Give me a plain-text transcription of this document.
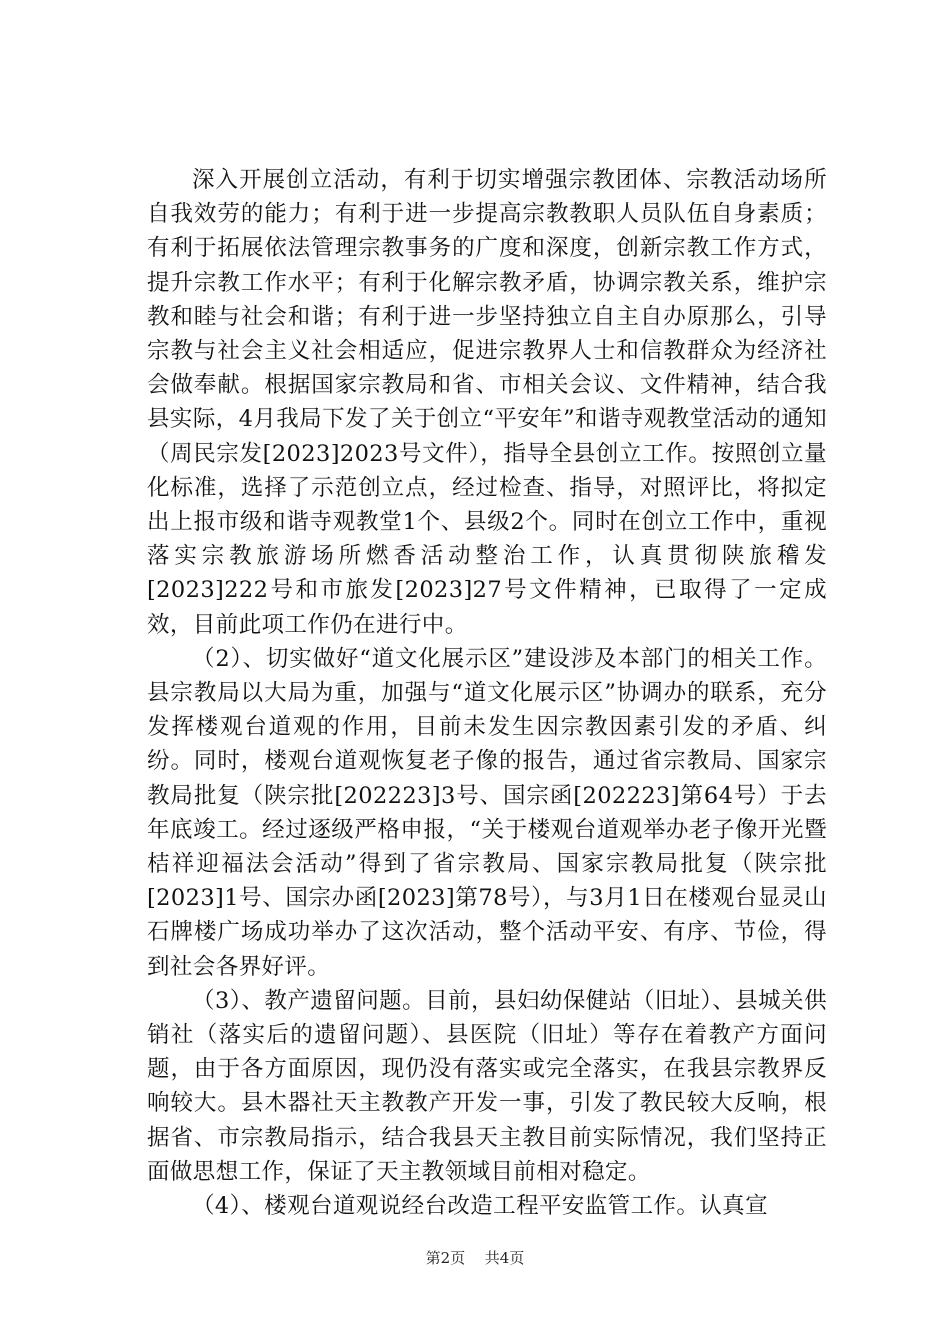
深入开展创立活动，有利于切实增强宗教团体、宗教活动场所自我效劳的能力；有利于进一步提高宗教教职人员队伍自身素质；有利于拓展依法管理宗教事务的广度和深度，创新宗教工作方式，提升宗教工作水平；有利于化解宗教矛盾，协调宗教关系，维护宗教和睦与社会和谐；有利于进一步坚持独立自主自办原那么，引导宗教与社会主义社会相适应，促进宗教界人士和信教群众为经济社会做奉献。根据国家宗教局和省、市相关会议、文件精神，结合我县实际，4月我局下发了关于创立“平安年”和谐寺观教堂活动的通知（周民宗发[2023]2023号文件），指导全县创立工作。按照创立量化标准，选择了示范创立点，经过检查、指导，对照评比，将拟定出上报市级和谐寺观教堂1个、县级2个。同时在创立工作中，重视落实宗教旅游场所燃香活动整治工作，认真贯彻陕旅稽发[2023]222号和市旅发[2023]27号文件精神，已取得了一定成效，目前此项工作仍在进行中。

（2）、切实做好“道文化展示区”建设涉及本部门的相关工作。县宗教局以大局为重，加强与“道文化展示区”协调办的联系，充分发挥楼观台道观的作用，目前未发生因宗教因素引发的矛盾、纠纷。同时，楼观台道观恢复老子像的报告，通过省宗教局、国家宗教局批复（陕宗批[202223]3号、国宗函[202223]第64号）于去年底竣工。经过逐级严格申报，“关于楼观台道观举办老子像开光暨桔祥迎福法会活动”得到了省宗教局、国家宗教局批复（陕宗批[2023]1号、国宗办函[2023]第78号），与3月1日在楼观台显灵山石牌楼广场成功举办了这次活动，整个活动平安、有序、节俭，得到社会各界好评。

（3）、教产遗留问题。目前，县妇幼保健站（旧址）、县城关供销社（落实后的遗留问题）、县医院（旧址）等存在着教产方面问题，由于各方面原因，现仍没有落实或完全落实，在我县宗教界反响较大。县木器社天主教教产开发一事，引发了教民较大反响，根据省、市宗教局指示，结合我县天主教目前实际情况，我们坚持正面做思想工作，保证了天主教领域目前相对稳定。

（4）、楼观台道观说经台改造工程平安监管工作。认真宣

第2页 共4页
